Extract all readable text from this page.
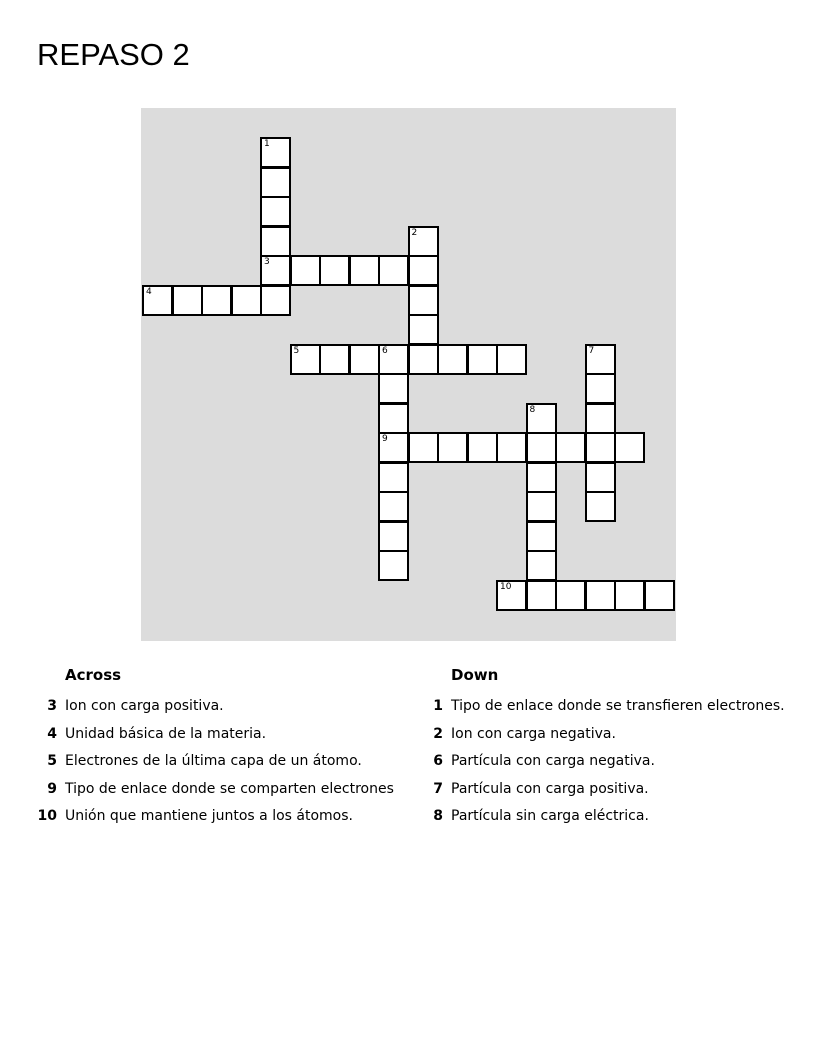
REPASO 2
1
3
2
4
5	6
9
7
8
10
Across
3 Ion con carga positiva.
4 Unidad básica de la materia.
5 Electrones de la última capa de un átomo.
9 Tipo de enlace donde se comparten electrones
10 Unión que mantiene juntos a los átomos.
Down
1 Tipo de enlace donde se transfieren electrones.
2 Ion con carga negativa.
6 Partícula con carga negativa.
7 Partícula con carga positiva.
8 Partícula sin carga eléctrica.
